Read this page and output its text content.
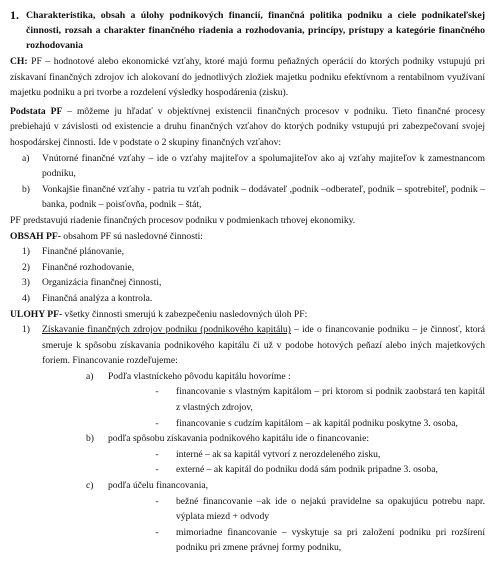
1. Charakteristika, obsah a úlohy podnikových financií, finančná politika podniku a ciele podnikateľskej činnosti, rozsah a charakter finančného riadenia a rozhodovania, princípy, prístupy a kategórie finančného rozhodovania

CH: PF – hodnotové alebo ekonomické vzťahy, ktoré majú formu peňažných operácií do ktorých podniky vstupujú pri získavaní finančných zdrojov ich alokovaní do jednotlivých zložiek majetku podniku efektívnom a rentabilnom využívaní majetku podniku a pri tvorbe a rozdelení výsledky hospodárenia (zisku).

Podstata PF – môžeme ju hľadať v objektívnej existencii finančných procesov v podniku. Tieto finančné procesy prebiehajú v závislosti od existencie a druhu finančných vzťahov do ktorých podniky vstupujú pri zabezpečovaní svojej hospodárskej činnosti. Ide v podstate o 2 skupiny finančných vzťahov:

a)	Vnútorné finančné vzťahy – ide o vzťahy majiteľov a spolumajiteľov ako aj vzťahy majiteľov k zamestnancom podniku,
b)	Vonkajšie finančné vzťahy - patria tu vzťah podnik – dodávateľ ,podnik –odberateľ, podnik – spotrebiteľ, podnik – banka, podnik – poisťovňa, podnik – štát,

PF predstavujú riadenie finančných procesov podniku v podmienkach trhovej ekonomiky.

OBSAH PF- obsahom PF sú nasledovné činnosti:

1)	Finančné plánovanie,
2)	Finančné rozhodovanie,
3)	Organizácia finančnej činnosti,
4)	Finančná analýza a kontrola.

ULOHY PF- všetky činnosti smerujú k zabezpečeniu nasledovných úloh PF:

1)	Získavanie finančných zdrojov podniku (podnikového kapitálu) – ide o financovanie podniku – je činnosť, ktorá smeruje k spôsobu získavania podnikového kapitálu či už v podobe hotových peňazí alebo iných majetkových foriem. Financovanie rozdeľujeme:
a)	Podľa vlastníckeho pôvodu kapitálu hovoríme :
-	financovanie s vlastným kapitálom – pri ktorom si podnik zaobstará ten kapitál z vlastných zdrojov,
-	financovanie s cudzím kapitálom – ak kapitál podniku poskytne 3. osoba,
b)	podľa spôsobu získavania podnikového kapitálu ide o financovanie:
-	interné – ak sa kapitál vytvorí z nerozdeleného zisku,
-	externé – ak kapitál do podniku dodá sám podnik pripadne 3. osoba,
c)	podľa účelu financovania,
-	bežné financovanie –ak ide o nejakú pravidelne sa opakujúcu potrebu napr. výplata miezd + odvody
-	mimoriadne financovanie – vyskytuje sa pri založení podniku pri rozšírení podniku pri zmene právnej formy podniku,
